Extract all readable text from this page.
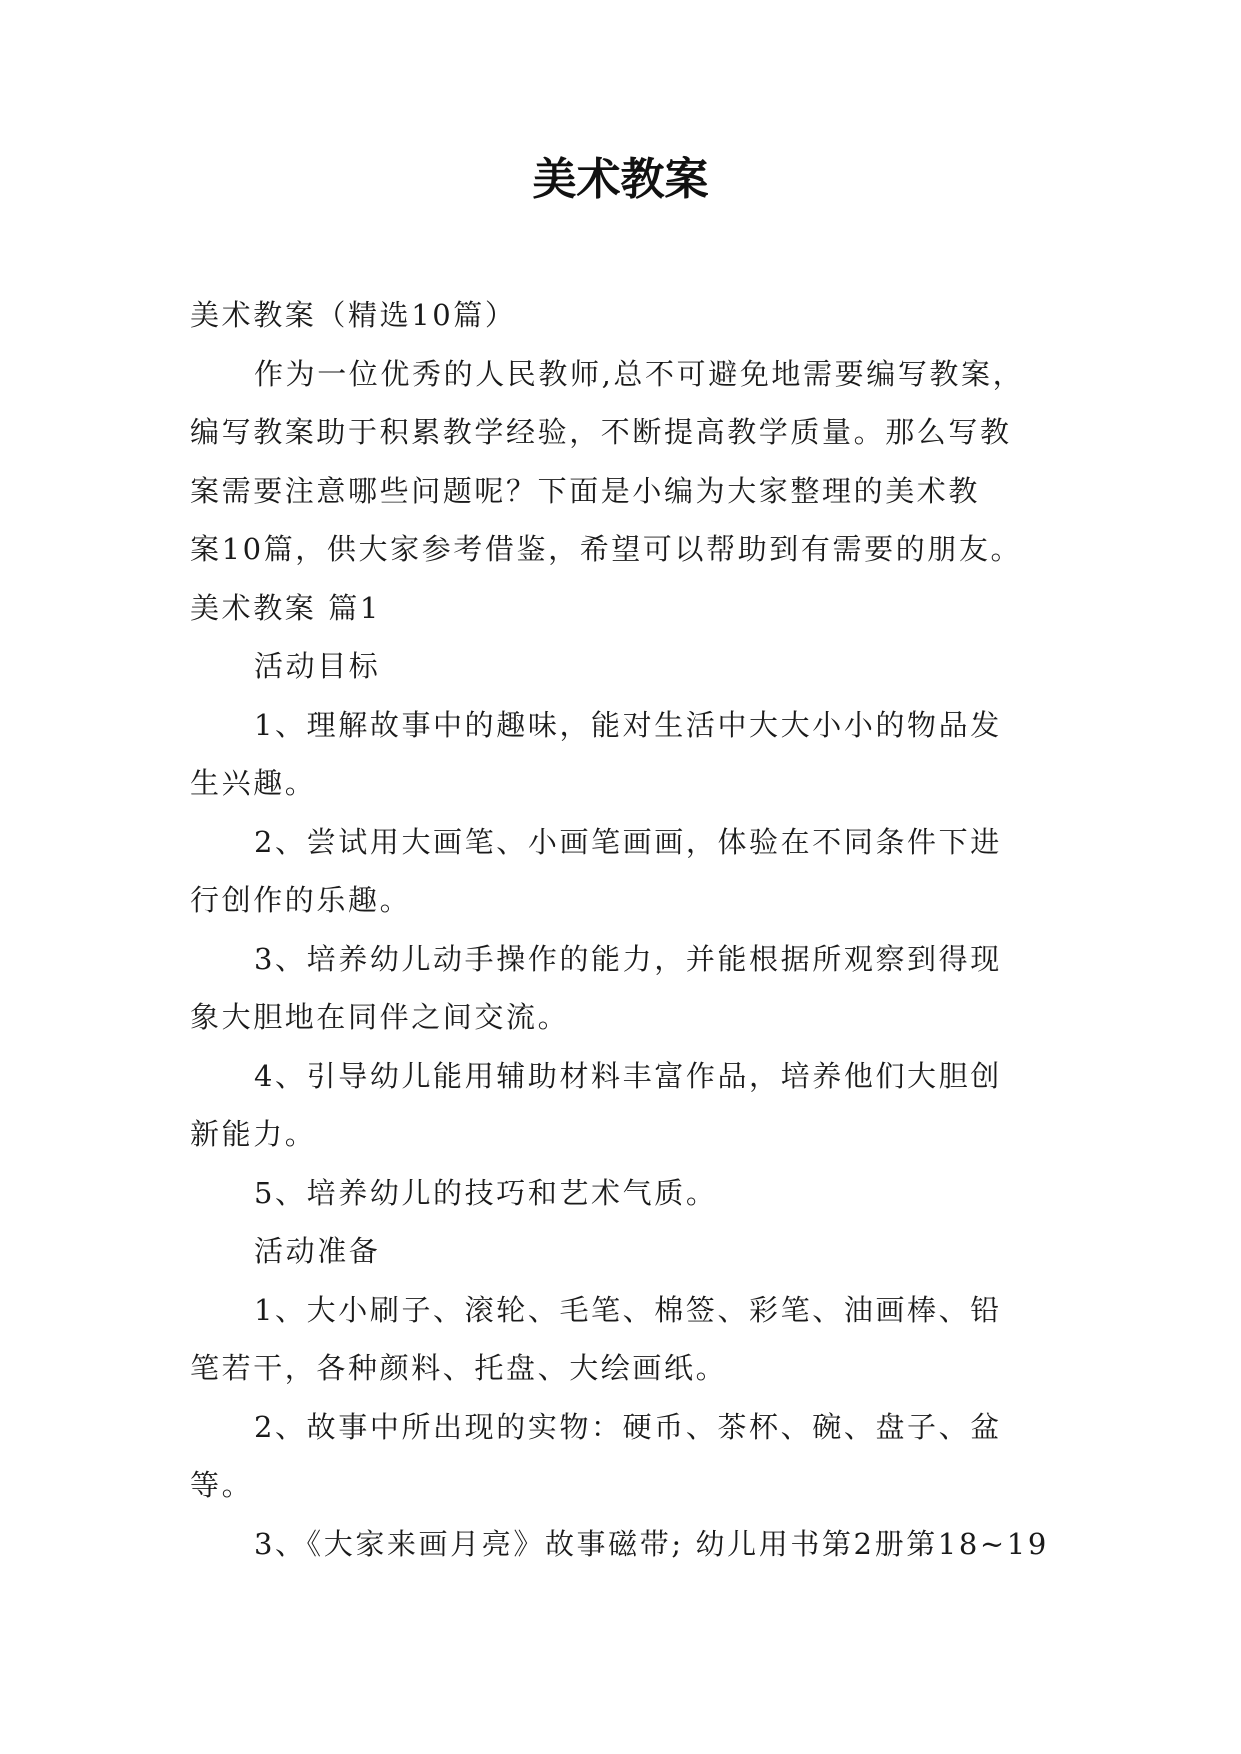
美术教案

美术教案（精选10篇）

作为一位优秀的人民教师,总不可避免地需要编写教案，

编写教案助于积累教学经验，不断提高教学质量。那么写教

案需要注意哪些问题呢？下面是小编为大家整理的美术教

案10篇，供大家参考借鉴，希望可以帮助到有需要的朋友。

美术教案 篇1

活动目标

1、理解故事中的趣味，能对生活中大大小小的物品发

生兴趣。

2、尝试用大画笔、小画笔画画，体验在不同条件下进

行创作的乐趣。

3、培养幼儿动手操作的能力，并能根据所观察到得现

象大胆地在同伴之间交流。

4、引导幼儿能用辅助材料丰富作品，培养他们大胆创

新能力。

5、培养幼儿的技巧和艺术气质。

活动准备

1、大小刷子、滚轮、毛笔、棉签、彩笔、油画棒、铅

笔若干，各种颜料、托盘、大绘画纸。

2、故事中所出现的实物：硬币、茶杯、碗、盘子、盆

等。

3、《大家来画月亮》故事磁带; 幼儿用书第2册第18~19
